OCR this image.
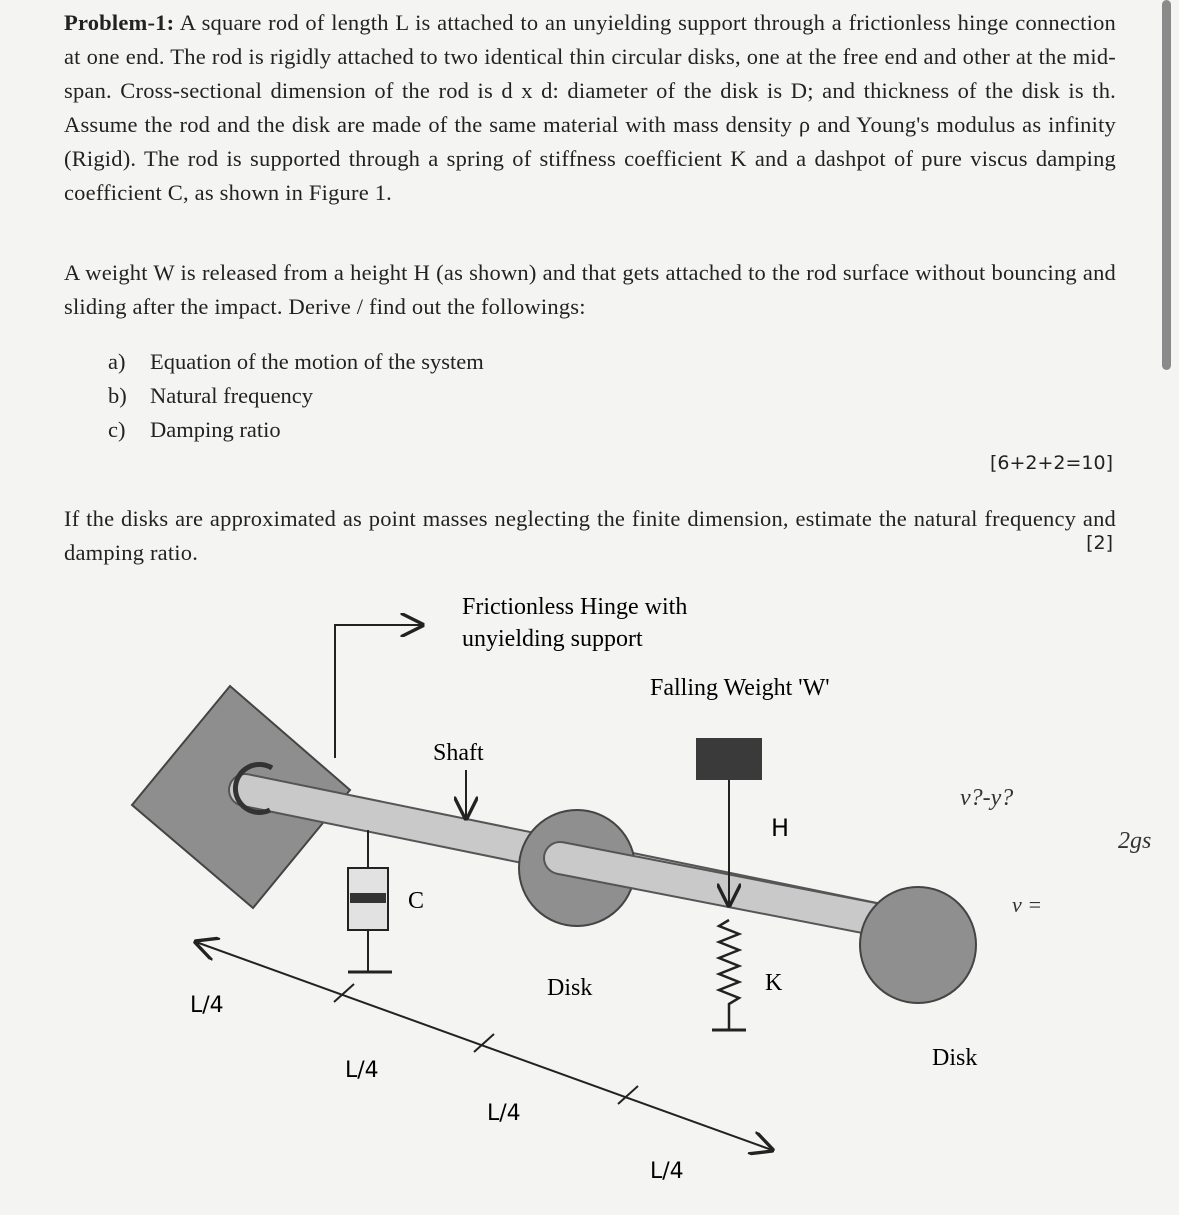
Problem-1: A square rod of length L is attached to an unyielding support through a frictionless hinge connection at one end. The rod is rigidly attached to two identical thin circular disks, one at the free end and other at the mid-span. Cross-sectional dimension of the rod is d x d: diameter of the disk is D; and thickness of the disk is th. Assume the rod and the disk are made of the same material with mass density ρ and Young's modulus as infinity (Rigid). The rod is supported through a spring of stiffness coefficient K and a dashpot of pure viscus damping coefficient C, as shown in Figure 1.
A weight W is released from a height H (as shown) and that gets attached to the rod surface without bouncing and sliding after the impact. Derive / find out the followings:
a)	Equation of the motion of the system
b)	Natural frequency
c)	Damping ratio
[6+2+2=10]
If the disks are approximated as point masses neglecting the finite dimension, estimate the natural frequency and damping ratio.	[2]
Frictionless Hinge with
unyielding support
Falling Weight 'W'
Shaft
C
H
K
Disk
Disk
L/4
L/4
L/4
L/4
v?-y?
2gs
v =
